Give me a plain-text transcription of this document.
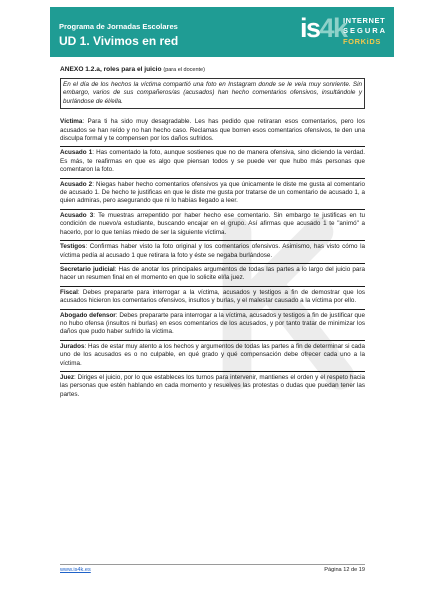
Programa de Jornadas Escolares
UD 1. Vivimos en red	is4k
INTERNET
SEGURA
FORKiDS
ANEXO 1.2.a, roles para el juicio (para el docente)
En el día de los hechos la víctima compartió una foto en Instagram donde se le veía muy sonriente. Sin embargo, varios de sus compañeros/as (acusados) han hecho comentarios ofensivos, insultándole y burlándose de él/ella.

Víctima: Para ti ha sido muy desagradable. Les has pedido que retiraran esos comentarios, pero los acusados se han reído y no han hecho caso. Reclamas que borren esos comentarios ofensivos, te den una disculpa formal y te compensen por los daños sufridos.

Acusado 1: Has comentado la foto, aunque sostienes que no de manera ofensiva, sino diciendo la verdad. Es más, te reafirmas en que es algo que piensan todos y se puede ver que hubo más personas que comentaron la foto.

Acusado 2: Niegas haber hecho comentarios ofensivos ya que únicamente le diste me gusta al comentario de acusado 1. De hecho te justificas en que le diste me gusta por tratarse de un comentario de acusado 1, a quien admiras, pero asegurando que ni lo habías llegado a leer.

Acusado 3: Te muestras arrepentido por haber hecho ese comentario. Sin embargo te justificas en tu condición de nuevo/a estudiante, buscando encajar en el grupo. Así afirmas que acusado 1 te "animó" a hacerlo, por lo que tenías miedo de ser la siguiente víctima.

Testigos: Confirmas haber visto la foto original y los comentarios ofensivos. Asimismo, has visto cómo la víctima pedía al acusado 1 que retirara la foto y éste se negaba burlándose.

Secretario judicial: Has de anotar los principales argumentos de todas las partes a lo largo del juicio para hacer un resumen final en el momento en que lo solicite el/la juez.

Fiscal: Debes prepararte para interrogar a la víctima, acusados y testigos a fin de demostrar que los acusados hicieron los comentarios ofensivos, insultos y burlas, y el malestar causado a la víctima por ello.

Abogado defensor: Debes prepararte para interrogar a la víctima, acusados y testigos a fin de justificar que no hubo ofensa (insultos ni burlas) en esos comentarios de los acusados, y por tanto tratar de minimizar los daños que pudo haber sufrido la víctima.

Jurados: Has de estar muy atento a los hechos y argumentos de todas las partes a fin de determinar si cada uno de los acusados es o no culpable, en qué grado y qué compensación debe ofrecer cada uno a la víctima.

Juez: Diriges el juicio, por lo que estableces los turnos para intervenir, mantienes el orden y el respeto hacia las personas que estén hablando en cada momento y resuelves las protestas o dudas que puedan tener las partes.

www.is4k.es	Página 12 de 19
